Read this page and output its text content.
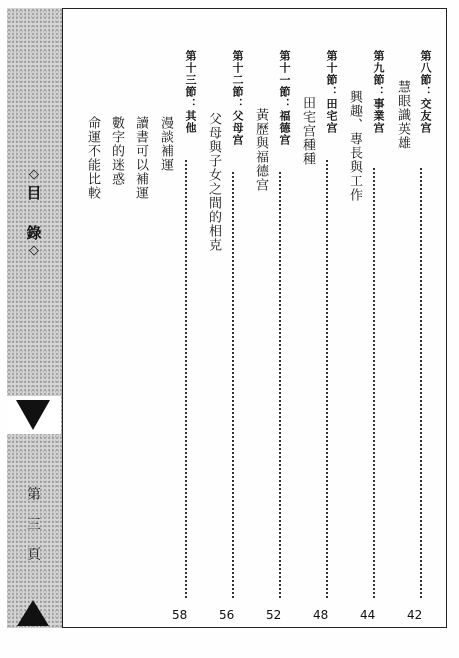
◇
目
錄
◇
第
三
頁
第八節：交友宫
42
慧眼識英雄
第九節：事業宫
44
興趣、專長與工作
第十節：田宅宫
48
田宅宫種種
第十一節：福德宫
52
黃歷與福德宫
第十二節：父母宫
56
父母與子女之間的相克
第十三節：其他
58
漫談補運
讀書可以補運
數字的迷惑
命運不能比較
